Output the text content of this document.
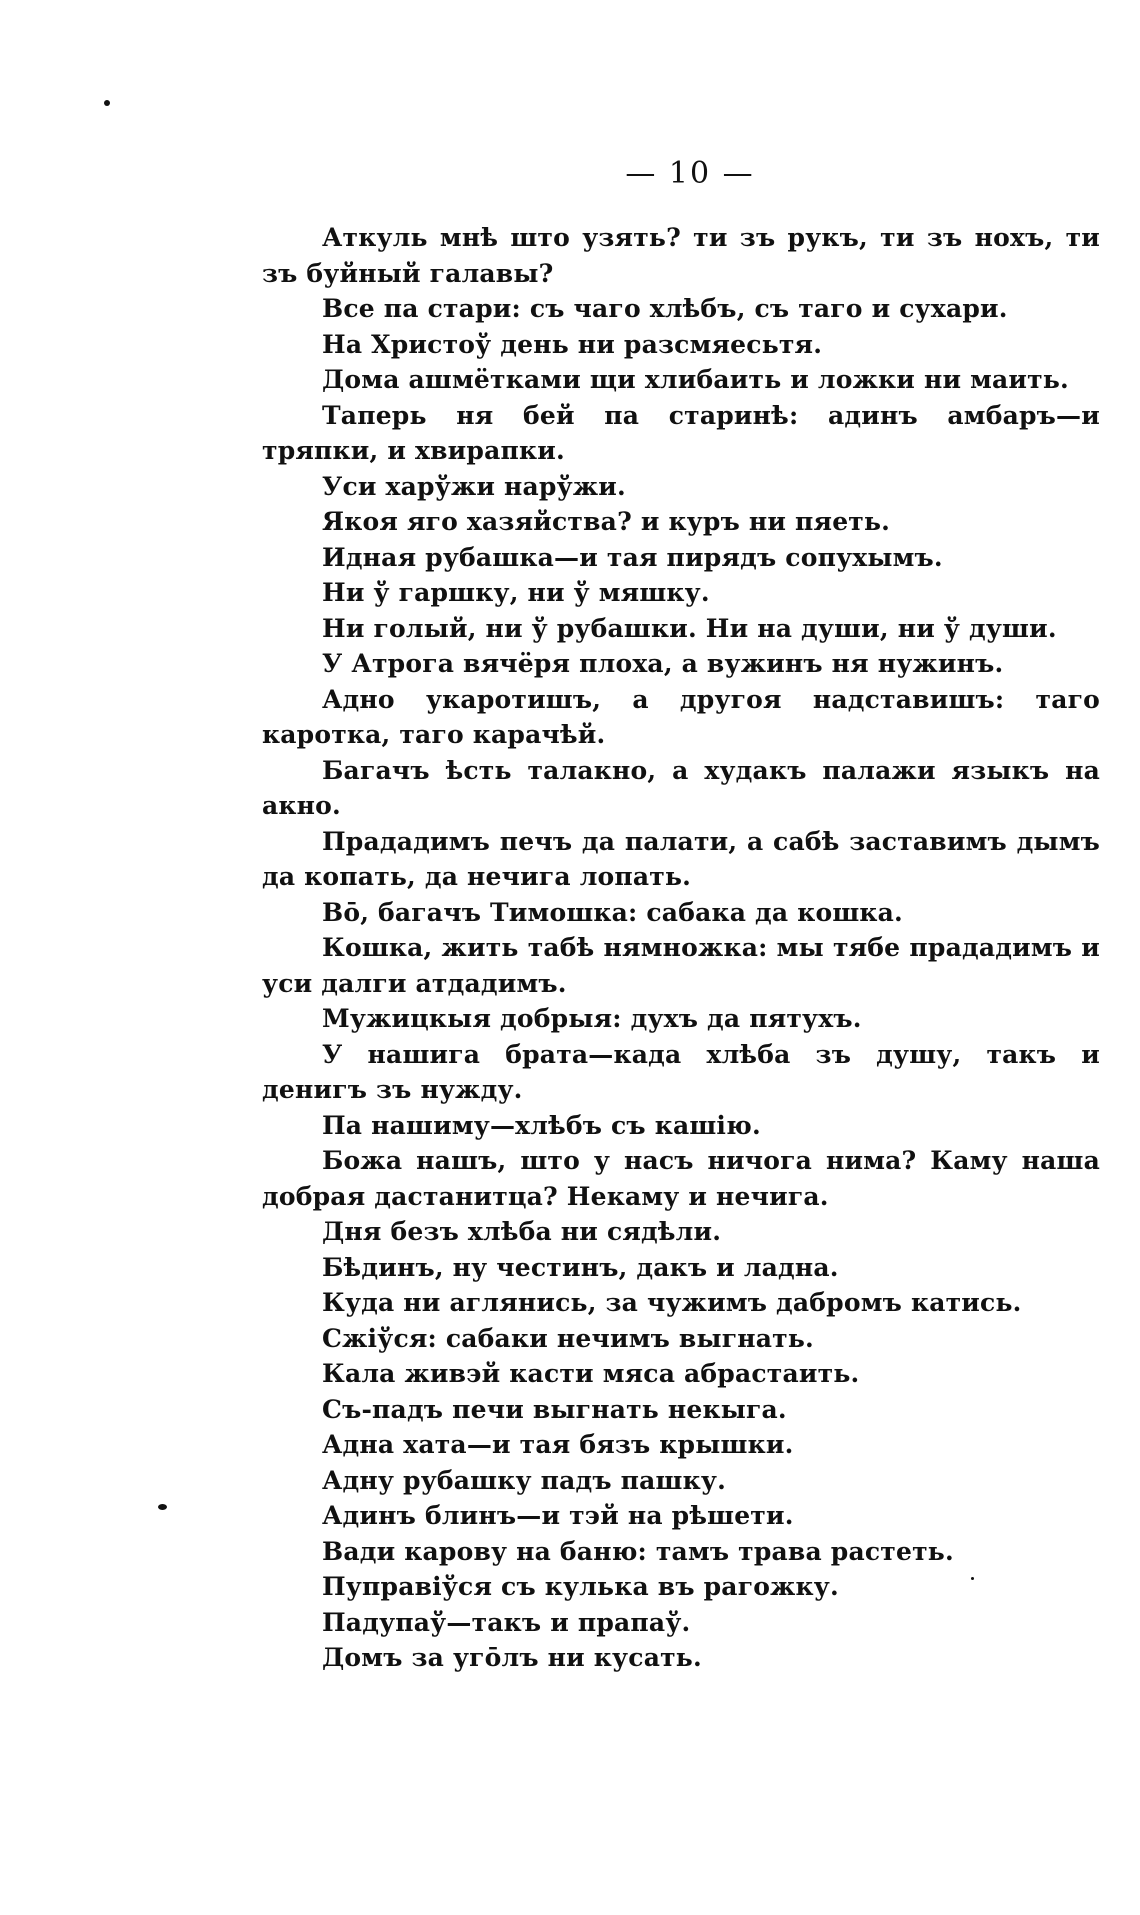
— 10 —

Аткуль мнѣ што узять? ти зъ рукъ, ти зъ нохъ, ти зъ буйный галавы?

Все па стари: съ чаго хлѣбъ, съ таго и сухари.

На Христоў день ни разсмяесьтя.

Дома ашмётками щи хлибаить и ложки ни маить.

Таперь ня бей па старинѣ: адинъ амбаръ—и тряпки, и хвирапки.

Уси харўжи нарўжи.

Якоя яго хазяйства? и куръ ни пяеть.

Идная рубашка—и тая пирядъ сопухымъ.

Ни ў гаршку, ни ў мяшку.

Ни голый, ни ў рубашки. Ни на души, ни ў души.

У Атрога вячёря плоха, а вужинъ ня нужинъ.

Адно укаротишъ, а другоя надставишъ: таго каротка, таго карачѣй.

Багачъ ѣсть талакно, а худакъ палажи языкъ на акно.

Прададимъ печъ да палати, а сабѣ заставимъ дымъ да копать, да нечига лопать.

Вō, багачъ Тимошка: сабака да кошка.

Кошка, жить табѣ нямножка: мы тябе прададимъ и уси далги атдадимъ.

Мужицкыя добрыя: духъ да пятухъ.

У нашига брата—када хлѣба зъ душу, такъ и денигъ зъ нужду.

Па нашиму—хлѣбъ съ кашію.

Божа нашъ, што у насъ ничога нима? Каму наша добрая дастанитца? Некаму и нечига.

Дня безъ хлѣба ни сядѣли.

Бѣдинъ, ну честинъ, дакъ и ладна.

Куда ни аглянись, за чужимъ дабромъ катись.

Сжіўся: сабаки нечимъ выгнать.

Кала живэй касти мяса абрастаить.

Съ-падъ печи выгнать некыга.

Адна хата—и тая бязъ крышки.

Адну рубашку падъ пашку.

Адинъ блинъ—и тэй на рѣшети.

Вади карову на баню: тамъ трава растеть.

Пуправіўся съ кулька въ рагожку.

Падупаў—такъ и прапаў.

Домъ за угōлъ ни кусать.
